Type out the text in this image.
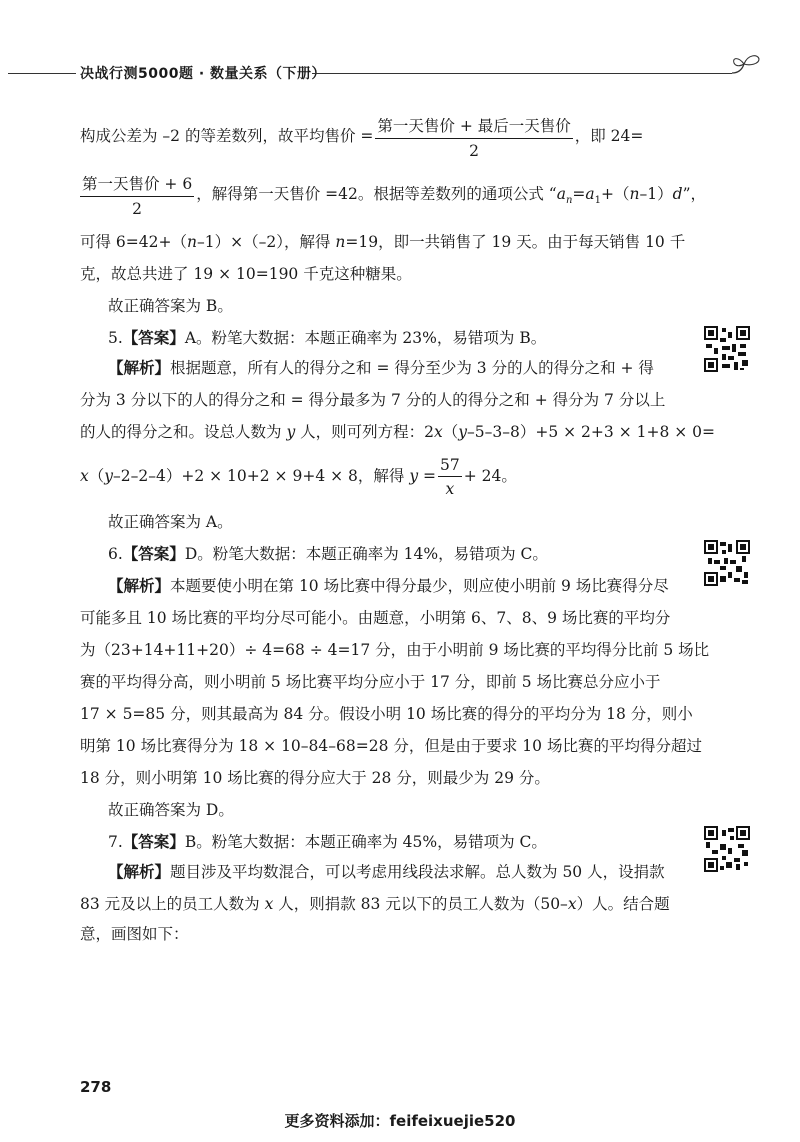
决战行测5000题 · 数量关系（下册）
构成公差为 –2 的等差数列，故平均售价 = $\frac{\text{第一天售价 + 最后一天售价}}{2}$ ，即 24=
$\frac{\text{第一天售价 + 6}}{2}$ ，解得第一天售价 =42。根据等差数列的通项公式 “$a_n=a_1+(n-1)d$”，
可得 6=42+（n–1）×（–2），解得 n=19，即一共销售了 19 天。由于每天销售 10 千
克，故总共进了 19 × 10=190 千克这种糖果。
故正确答案为 B。
5.【答案】A。粉笔大数据：本题正确率为 23%，易错项为 B。
【解析】根据题意，所有人的得分之和 = 得分至少为 3 分的人的得分之和 + 得
分为 3 分以下的人的得分之和 = 得分最多为 7 分的人的得分之和 + 得分为 7 分以上
的人的得分之和。设总人数为 y 人，则可列方程：2x（y–5–3–8）+5 × 2+3 × 1+8 × 0=
x（y–2–2–4）+2 × 10+2 × 9+4 × 8，解得 $y = \frac{57}{x} + 24$。
故正确答案为 A。
6.【答案】D。粉笔大数据：本题正确率为 14%，易错项为 C。
【解析】本题要使小明在第 10 场比赛中得分最少，则应使小明前 9 场比赛得分尽
可能多且 10 场比赛的平均分尽可能小。由题意，小明第 6、7、8、9 场比赛的平均分
为（23+14+11+20）÷ 4=68 ÷ 4=17 分，由于小明前 9 场比赛的平均得分比前 5 场比
赛的平均得分高，则小明前 5 场比赛平均分应小于 17 分，即前 5 场比赛总分应小于
17 × 5=85 分，则其最高为 84 分。假设小明 10 场比赛的得分的平均分为 18 分，则小
明第 10 场比赛得分为 18 × 10–84–68=28 分，但是由于要求 10 场比赛的平均得分超过
18 分，则小明第 10 场比赛的得分应大于 28 分，则最少为 29 分。
故正确答案为 D。
7.【答案】B。粉笔大数据：本题正确率为 45%，易错项为 C。
【解析】题目涉及平均数混合，可以考虑用线段法求解。总人数为 50 人，设捐款
83 元及以上的员工人数为 x 人，则捐款 83 元以下的员工人数为（50–x）人。结合题
意，画图如下：
278
更多资料添加：feifeixuejie520
